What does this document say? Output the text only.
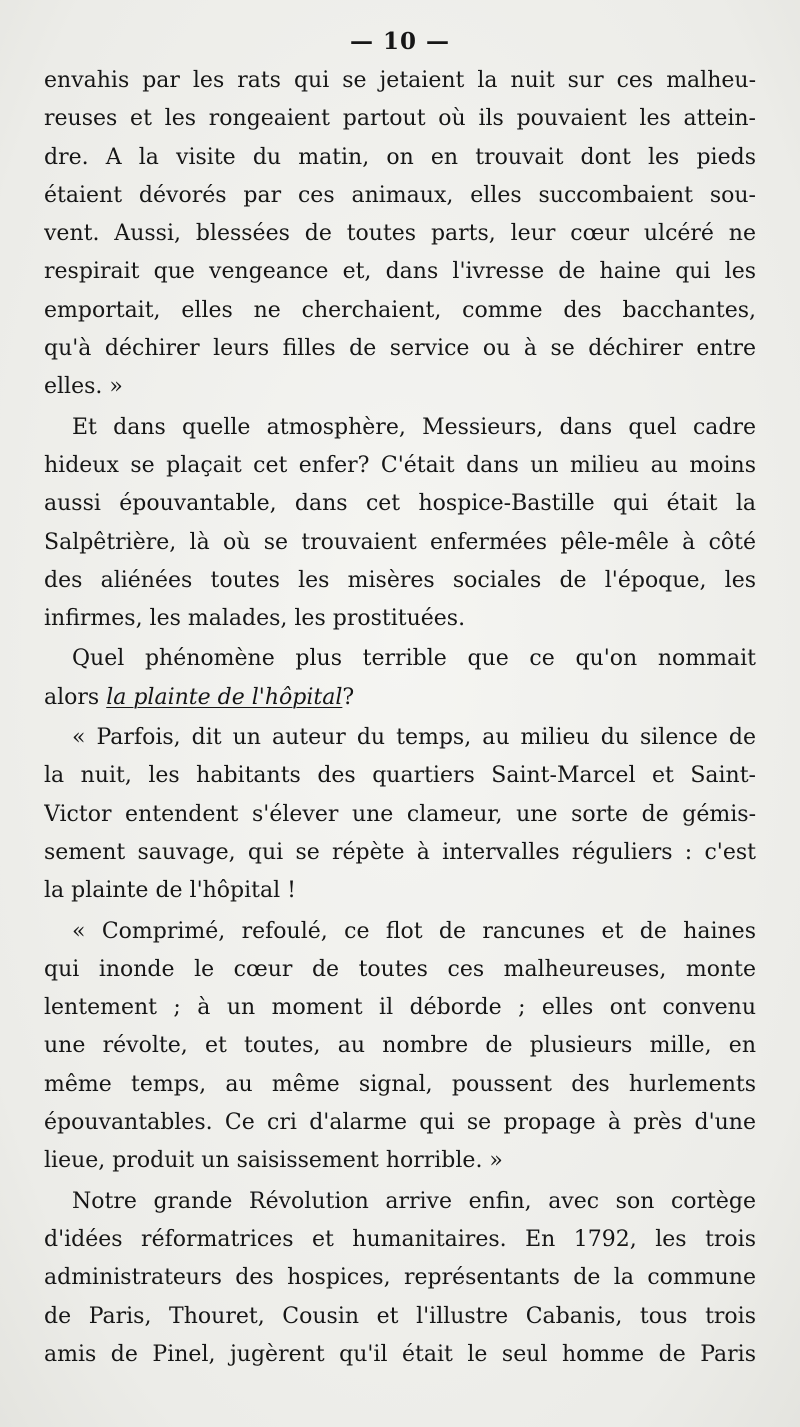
— 10 —

envahis par les rats qui se jetaient la nuit sur ces malheu-
reuses et les rongeaient partout où ils pouvaient les attein-
dre. A la visite du matin, on en trouvait dont les pieds
étaient dévorés par ces animaux, elles succombaient sou-
vent. Aussi, blessées de toutes parts, leur cœur ulcéré ne
respirait que vengeance et, dans l'ivresse de haine qui les
emportait, elles ne cherchaient, comme des bacchantes,
qu'à déchirer leurs filles de service ou à se déchirer entre
elles. »

Et dans quelle atmosphère, Messieurs, dans quel cadre
hideux se plaçait cet enfer? C'était dans un milieu au moins
aussi épouvantable, dans cet hospice-Bastille qui était la
Salpêtrière, là où se trouvaient enfermées pêle-mêle à côté
des aliénées toutes les misères sociales de l'époque, les
infirmes, les malades, les prostituées.

Quel phénomène plus terrible que ce qu'on nommait
alors la plainte de l'hôpital?

« Parfois, dit un auteur du temps, au milieu du silence de
la nuit, les habitants des quartiers Saint-Marcel et Saint-
Victor entendent s'élever une clameur, une sorte de gémis-
sement sauvage, qui se répète à intervalles réguliers : c'est
la plainte de l'hôpital !

« Comprimé, refoulé, ce flot de rancunes et de haines
qui inonde le cœur de toutes ces malheureuses, monte
lentement ; à un moment il déborde ; elles ont convenu
une révolte, et toutes, au nombre de plusieurs mille, en
même temps, au même signal, poussent des hurlements
épouvantables. Ce cri d'alarme qui se propage à près d'une
lieue, produit un saisissement horrible. »

Notre grande Révolution arrive enfin, avec son cortège
d'idées réformatrices et humanitaires. En 1792, les trois
administrateurs des hospices, représentants de la commune
de Paris, Thouret, Cousin et l'illustre Cabanis, tous trois
amis de Pinel, jugèrent qu'il était le seul homme de Paris
